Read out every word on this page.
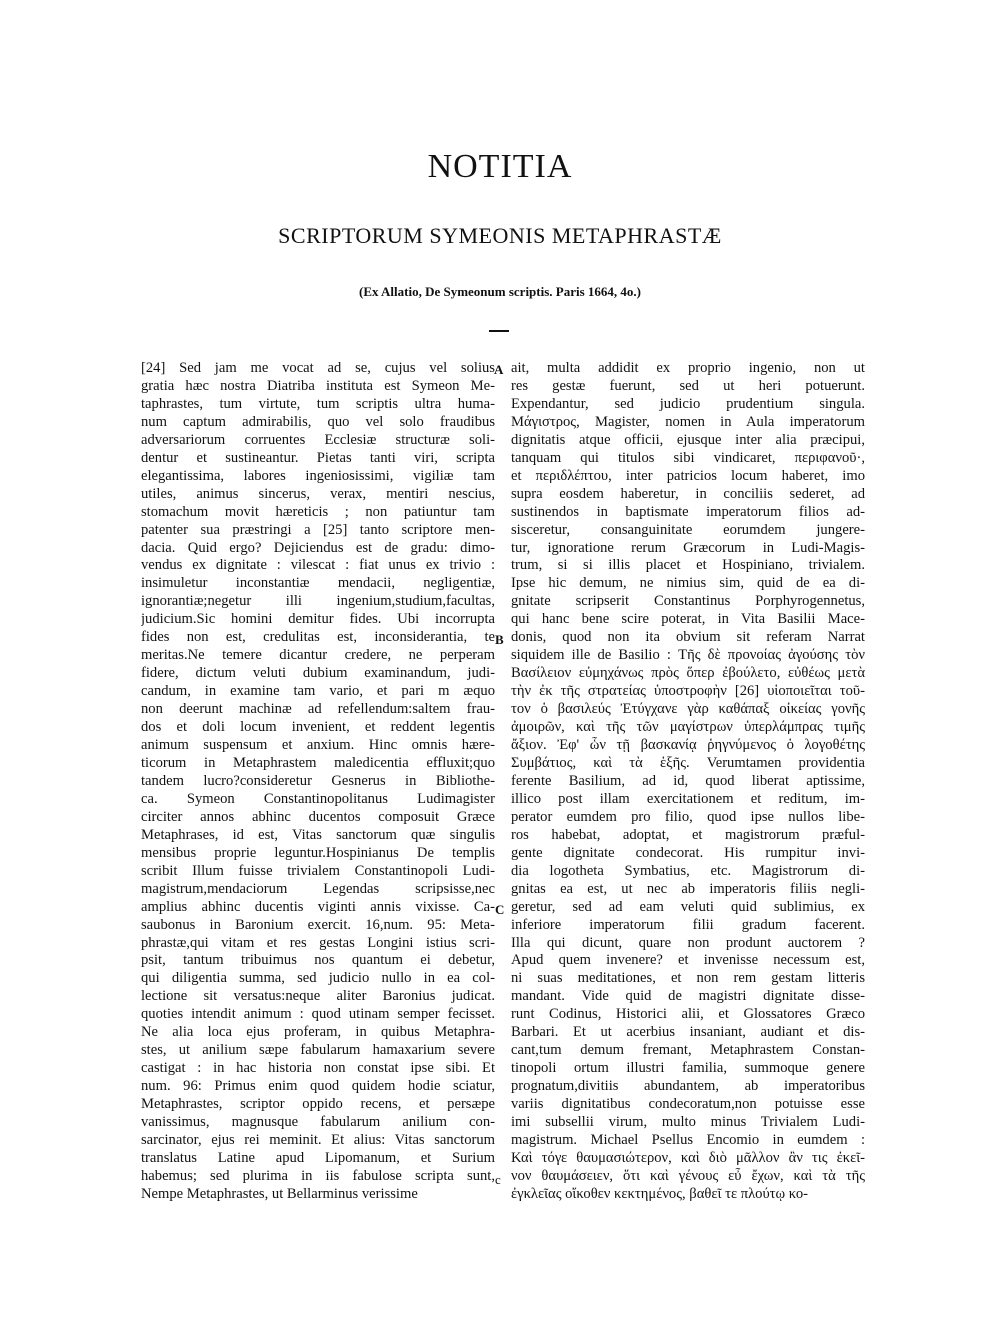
NOTITIA
SCRIPTORUM SYMEONIS METAPHRASTÆ
(Ex Allatio, De Symeonum scriptis. Paris 1664, 4o.)
A
B
C
c
[24] Sed jam me vocat ad se, cujus vel solius
gratia hæc nostra Diatriba instituta est Symeon Me-
taphrastes, tum virtute, tum scriptis ultra huma-
num captum admirabilis, quo vel solo fraudibus
adversariorum corruentes Ecclesiæ structuræ soli-
dentur et sustineantur. Pietas tanti viri, scripta
elegantissima, labores ingeniosissimi, vigiliæ tam
utiles, animus sincerus, verax, mentiri nescius,
stomachum movit hæreticis ; non patiuntur tam
patenter sua præstringi a [25] tanto scriptore men-
dacia. Quid ergo? Dejiciendus est de gradu: dimo-
vendus ex dignitate : vilescat : fiat unus ex trivio :
insimuletur inconstantiæ mendacii, negligentiæ,
ignorantiæ;negetur illi ingenium,studium,facultas,
judicium.Sic homini demitur fides. Ubi incorrupta
fides non est, credulitas est, inconsiderantia, te
meritas.Ne temere dicantur credere, ne perperam
fidere, dictum veluti dubium examinandum, judi-
candum, in examine tam vario, et pari m æquo
non deerunt machinæ ad refellendum:saltem frau-
dos et doli locum invenient, et reddent legentis
animum suspensum et anxium. Hinc omnis hære-
ticorum in Metaphrastem maledicentia effluxit;quo
tandem lucro?consideretur Gesnerus in Bibliothe-
ca. Symeon Constantinopolitanus Ludimagister
circiter annos abhinc ducentos composuit Græce
Metaphrases, id est, Vitas sanctorum quæ singulis
mensibus proprie leguntur.Hospinianus De templis
scribit Illum fuisse trivialem Constantinopoli Ludi-
magistrum,mendaciorum Legendas scripsisse,nec
amplius abhinc ducentis viginti annis vixisse. Ca-
saubonus in Baronium exercit. 16,num. 95: Meta-
phrastæ,qui vitam et res gestas Longini istius scri-
psit, tantum tribuimus nos quantum ei debetur,
qui diligentia summa, sed judicio nullo in ea col-
lectione sit versatus:neque aliter Baronius judicat.
quoties intendit animum : quod utinam semper fecisset.
Ne alia loca ejus proferam, in quibus Metaphra-
stes, ut anilium sæpe fabularum hamaxarium severe
castigat : in hac historia non constat ipse sibi. Et
num. 96: Primus enim quod quidem hodie sciatur,
Metaphrastes, scriptor oppido recens, et persæpe
vanissimus, magnusque fabularum anilium con-
sarcinator, ejus rei meminit. Et alius: Vitas sanctorum
translatus Latine apud Lipomanum, et Surium
habemus; sed plurima in iis fabulose scripta sunt,
Nempe Metaphrastes, ut Bellarminus verissime
ait, multa addidit ex proprio ingenio, non ut
res gestæ fuerunt, sed ut heri potuerunt.
Expendantur, sed judicio prudentium singula.
Μάγιστρος, Magister, nomen in Aula imperatorum
dignitatis atque officii, ejusque inter alia præcipui,
tanquam qui titulos sibi vindicaret, περιφανοῦ·,
et περιδλέπτου, inter patricios locum haberet, imo
supra eosdem haberetur, in conciliis sederet, ad
sustinendos in baptismate imperatorum filios ad-
sisceretur, consanguinitate eorumdem jungere-
tur, ignoratione rerum Græcorum in Ludi-Magis-
trum, si si illis placet et Hospiniano, trivialem.
Ipse hic demum, ne nimius sim, quid de ea di-
gnitate scripserit Constantinus Porphyrogennetus,
qui hanc bene scire poterat, in Vita Basilii Mace-
donis, quod non ita obvium sit referam Narrat
siquidem ille de Basilio : Τῆς δὲ προνοίας ἀγούσης τὸν
Βασίλειον εὐμηχάνως πρὸς ὅπερ ἐβούλετο, εὐθέως μετὰ
τὴν ἐκ τῆς στρατείας ὑποστροφὴν [26] υἱοποιεῖται τοῦ-
τον ὁ βασιλεύς Ἐτύγχανε γὰρ καθάπαξ οἰκείας γονῆς
ἀμοιρῶν, καὶ τῆς τῶν μαγίστρων ὑπερλάμπρας τιμῆς
ἄξιον. Ἐφ' ὧν τῇ βασκανίᾳ ῥηγνύμενος ὁ λογοθέτης
Συμβάτιος, καὶ τὰ ἑξῆς. Verumtamen providentia
ferente Basilium, ad id, quod liberat aptissime,
illico post illam exercitationem et reditum, im-
perator eumdem pro filio, quod ipse nullos libe-
ros habebat, adoptat, et magistrorum præful-
gente dignitate condecorat. His rumpitur invi-
dia logotheta Symbatius, etc. Magistrorum di-
gnitas ea est, ut nec ab imperatoris filiis negli-
geretur, sed ad eam veluti quid sublimius, ex
inferiore imperatorum filii gradum facerent.
Illa qui dicunt, quare non produnt auctorem ?
Apud quem invenere? et invenisse necessum est,
ni suas meditationes, et non rem gestam litteris
mandant. Vide quid de magistri dignitate disse-
runt Codinus, Historici alii, et Glossatores Græco
Barbari. Et ut acerbius insaniant, audiant et dis-
cant,tum demum fremant, Metaphrastem Constan-
tinopoli ortum illustri familia, summoque genere
prognatum,divitiis abundantem, ab imperatoribus
variis dignitatibus condecoratum,non potuisse esse
imi subsellii virum, multo minus Trivialem Ludi-
magistrum. Michael Psellus Encomio in eumdem :
Καὶ τόγε θαυμασιώτερον, καὶ διὸ μᾶλλον ἂν τις ἐκεῖ-
νον θαυμάσειεν, ὅτι καὶ γένους εὖ ἔχων, καὶ τὰ τῆς
ἐγκλεῖας οἴκοθεν κεκτημένος, βαθεῖ τε πλούτῳ κο-
